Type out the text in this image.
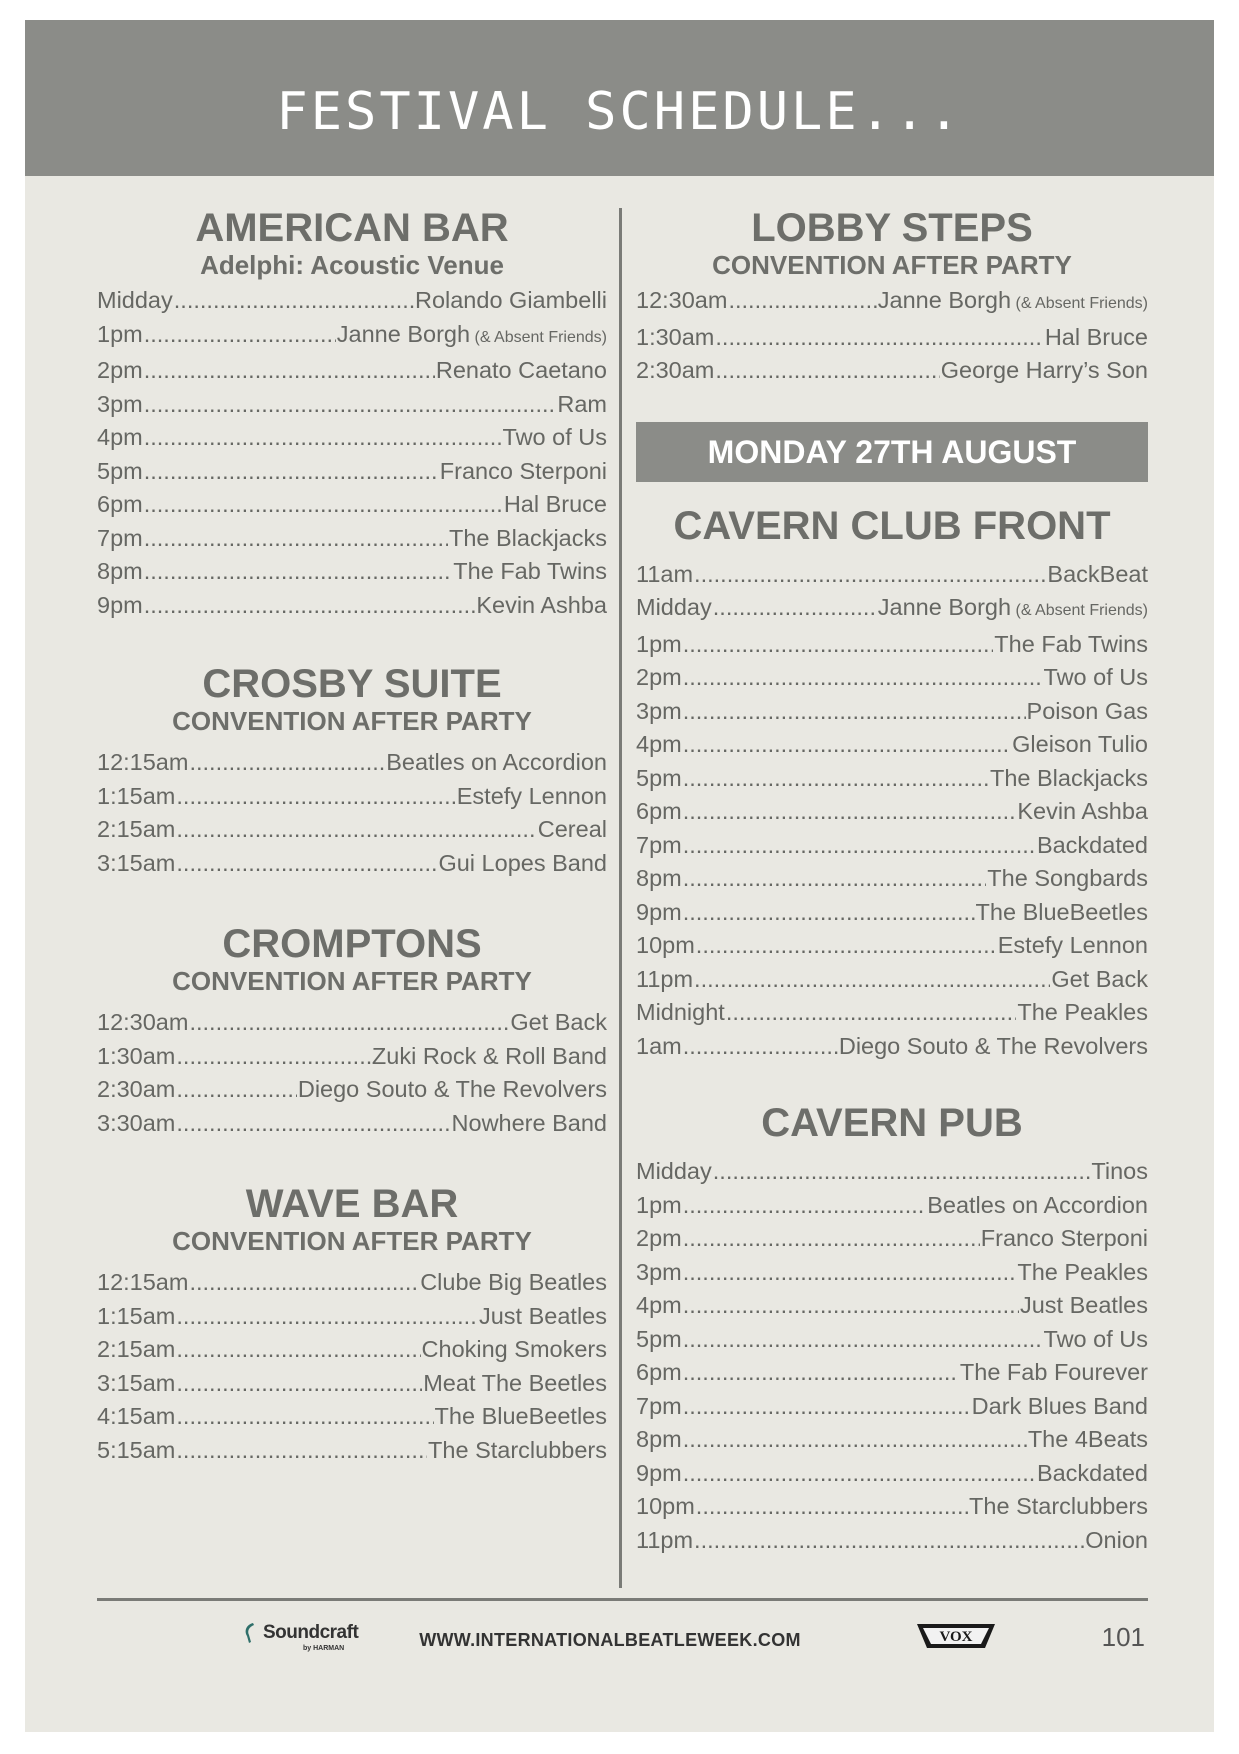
FESTIVAL SCHEDULE...
AMERICAN BAR
Adelphi: Acoustic Venue
Midday .....	Rolando Giambelli
1pm .....	Janne Borgh (& Absent Friends)
2pm .....	Renato Caetano
3pm .....	Ram
4pm .....	Two of Us
5pm .....	Franco Sterponi
6pm .....	Hal Bruce
7pm .....	The Blackjacks
8pm .....	The Fab Twins
9pm .....	Kevin Ashba
CROSBY SUITE
CONVENTION AFTER PARTY
12:15am .....	Beatles on Accordion
1:15am .....	Estefy Lennon
2:15am .....	Cereal
3:15am .....	Gui Lopes Band
CROMPTONS
CONVENTION AFTER PARTY
12:30am .....	Get Back
1:30am .....	Zuki Rock & Roll Band
2:30am .....	Diego Souto & The Revolvers
3:30am .....	Nowhere Band
WAVE BAR
CONVENTION AFTER PARTY
12:15am .....	Clube Big Beatles
1:15am .....	Just Beatles
2:15am .....	Choking Smokers
3:15am .....	Meat The Beetles
4:15am .....	The BlueBeetles
5:15am .....	The Starclubbers
LOBBY STEPS
CONVENTION AFTER PARTY
12:30am .....	Janne Borgh (& Absent Friends)
1:30am .....	Hal Bruce
2:30am .....	George Harry’s Son
MONDAY 27TH AUGUST
CAVERN CLUB FRONT
11am .....	BackBeat
Midday .....	Janne Borgh (& Absent Friends)
1pm .....	The Fab Twins
2pm .....	Two of Us
3pm .....	Poison Gas
4pm .....	Gleison Tulio
5pm .....	The Blackjacks
6pm .....	Kevin Ashba
7pm .....	Backdated
8pm .....	The Songbards
9pm .....	The BlueBeetles
10pm .....	Estefy Lennon
11pm .....	Get Back
Midnight .....	The Peakles
1am .....	Diego Souto & The Revolvers
CAVERN PUB
Midday .....	Tinos
1pm .....	Beatles on Accordion
2pm .....	Franco Sterponi
3pm .....	The Peakles
4pm .....	Just Beatles
5pm .....	Two of Us
6pm .....	The Fab Fourever
7pm .....	Dark Blues Band
8pm .....	The 4Beats
9pm .....	Backdated
10pm .....	The Starclubbers
11pm .....	Onion
Soundcraft
by HARMAN	WWW.INTERNATIONALBEATLEWEEK.COM	VOX	101
